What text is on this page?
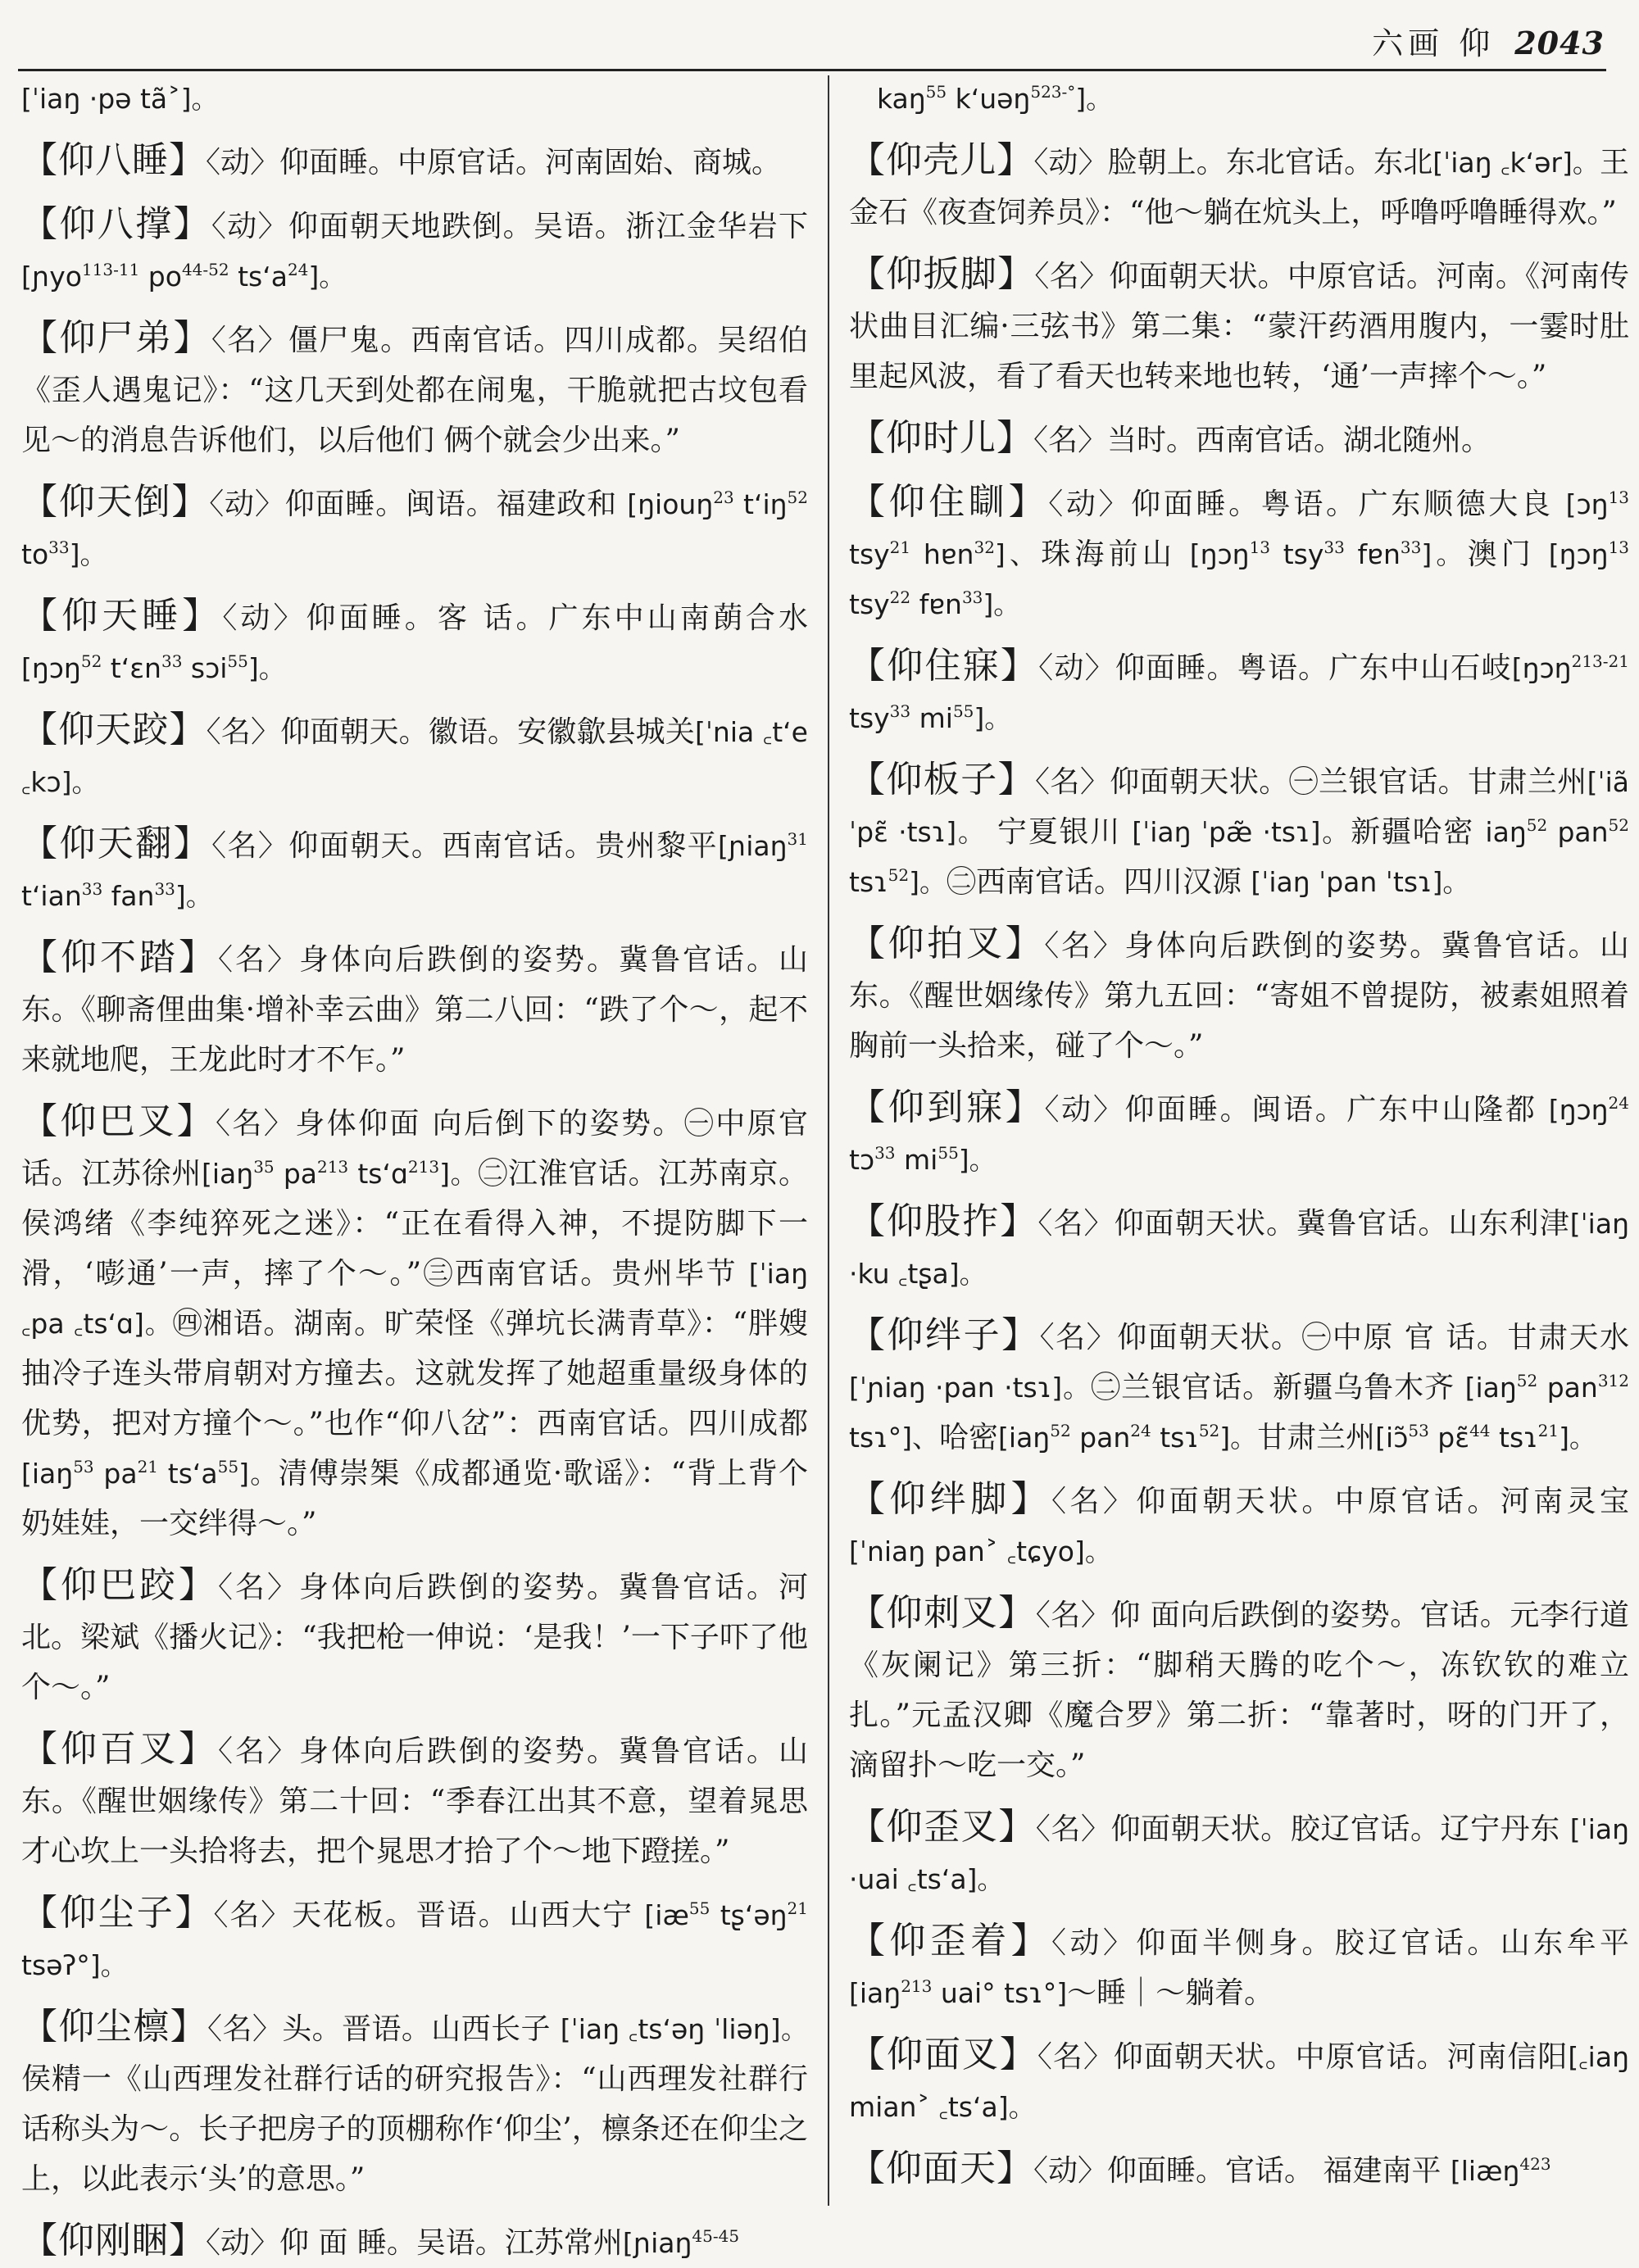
六画 仰 2043
[ˈiaŋ ·pə tã˃]。
【仰八睡】〈动〉仰面睡。中原官话。河南固始、商城。
【仰八撑】〈动〉仰面朝天地跌倒。吴语。浙江金华岩下[ɲyo$^{113-11}$ $po^{44-52}$ $ts‘a^{24}$]。
【仰尸弟】〈名〉僵尸鬼。西南官话。四川成都。吴绍伯《歪人遇鬼记》：“这几天到处都在闹鬼，干脆就把古坟包看见～的消息告诉他们，以后他们 俩个就会少出来。”
【仰天倒】〈动〉仰面睡。闽语。福建政和 [ŋiouŋ$^{23}$ $t‘iŋ^{52}$ $to^{33}$]。
【仰天睡】〈动〉仰面睡。客 话。广东中山南蓢合水 [ŋɔŋ$^{52}$ t‘ɛn$^{33}$ sɔi$^{55}$]。
【仰天跤】〈名〉仰面朝天。徽语。安徽歙县城关[ˈnia ꜀t‘e ꜀kɔ]。
【仰天翻】〈名〉仰面朝天。西南官话。贵州黎平[ɲiaŋ$^{31}$ t‘ian$^{33}$ fan$^{33}$]。
【仰不踏】〈名〉身体向后跌倒的姿势。冀鲁官话。山东。《聊斋俚曲集·增补幸云曲》第二八回：“跌了个～，起不来就地爬，王龙此时才不乍。”
【仰巴叉】〈名〉身体仰面 向后倒下的姿势。㊀中原官话。江苏徐州[iaŋ$^{35}$ $pa^{213}$ ts‘ɑ$^{213}$]。㊁江淮官话。江苏南京。侯鸿绪《李纯猝死之迷》：“正在看得入神，不提防脚下一滑，‘嘭通’一声，摔了个～。”㊂西南官话。贵州毕节 [ˈiaŋ ꜀pa ꜀ts‘ɑ]。㊃湘语。湖南。旷荣怪《弹坑长满青草》：“胖嫂抽冷子连头带肩朝对方撞去。这就发挥了她超重量级身体的优势，把对方撞个～。”也作“仰八岔”：西南官话。四川成都 [iaŋ$^{53}$ $pa^{21}$ $ts‘a^{55}$]。清傅崇榘《成都通览·歌谣》：“背上背个奶娃娃，一交绊得～。”
【仰巴跤】〈名〉身体向后跌倒的姿势。冀鲁官话。河北。梁斌《播火记》：“我把枪一伸说：‘是我！’一下子吓了他个～。”
【仰百叉】〈名〉身体向后跌倒的姿势。冀鲁官话。山东。《醒世姻缘传》第二十回：“季春江出其不意，望着晁思才心坎上一头拾将去，把个晁思才拾了个～地下蹬搓。”
【仰尘子】〈名〉天花板。晋语。山西大宁 [$iæ^{55}$ tʂ‘əŋ$^{21}$ tsəʔ°]。
【仰尘檩】〈名〉头。晋语。山西长子 [ˈiaŋ ꜀ts‘əŋ ˈliəŋ]。 侯精一《山西理发社群行话的研究报告》：“山西理发社群行话称头为～。长子把房子的顶棚称作‘仰尘’，檩条还在仰尘之上，以此表示‘头’的意思。”
【仰刚睏】〈动〉仰 面 睡。吴语。江苏常州[ɲiaŋ$^{45-45}$
kaŋ$^{55}$ k‘uəŋ$^{523-^\circ}$]。
【仰壳儿】〈动〉脸朝上。东北官话。东北[ˈiaŋ ꜀k‘ər]。王金石《夜查饲养员》：“他～躺在炕头上，呼噜呼噜睡得欢。”
【仰扳脚】〈名〉仰面朝天状。中原官话。河南。《河南传状曲目汇编·三弦书》第二集：“蒙汗药酒用腹内，一霎时肚里起风波，看了看天也转来地也转，‘通’一声摔个～。”
【仰时儿】〈名〉当时。西南官话。湖北随州。
【仰住瞓】〈动〉仰面睡。粤语。广东顺德大良 [ɔŋ$^{13}$ tsy$^{21}$ hɐn$^{32}$]、珠海前山 [ŋɔŋ$^{13}$ tsy$^{33}$ fɐn$^{33}$]。澳门 [ŋɔŋ$^{13}$ tsy$^{22}$ fɐn$^{33}$]。
【仰住寐】〈动〉仰面睡。粤语。广东中山石岐[ŋɔŋ$^{213-21}$ tsy$^{33}$ $mi^{55}$]。
【仰板子】〈名〉仰面朝天状。㊀兰银官话。甘肃兰州[ˈiã ˈpɛ̃ ·tsɿ]。 宁夏银川 [ˈiaŋ ˈpæ̃ ·tsɿ]。新疆哈密 iaŋ$^{52}$ pan$^{52}$ tsɿ$^{52}$]。㊁西南官话。四川汉源 [ˈiaŋ ˈpan ˈtsɿ]。
【仰拍叉】〈名〉身体向后跌倒的姿势。冀鲁官话。山东。《醒世姻缘传》第九五回：“寄姐不曾提防，被素姐照着胸前一头拾来，碰了个～。”
【仰到寐】〈动〉仰面睡。闽语。广东中山隆都 [ŋɔŋ$^{24}$ tɔ$^{33}$ $mi^{55}$]。
【仰股拃】〈名〉仰面朝天状。冀鲁官话。山东利津[ˈiaŋ ·ku ꜀tʂa]。
【仰绊子】〈名〉仰面朝天状。㊀中原 官 话。甘肃天水 [ˈɲiaŋ ·pan ·tsɿ]。㊁兰银官话。新疆乌鲁木齐 [iaŋ$^{52}$ pan$^{312}$ tsɿ°]、哈密[iaŋ$^{52}$ pan$^{24}$ tsɿ$^{52}$]。甘肃兰州[iɔ̃$^{53}$ pɛ̃$^{44}$ tsɿ$^{21}$]。
【仰绊脚】〈名〉仰面朝天状。中原官话。河南灵宝 [ˈniaŋ pan˃ ꜀tɕyo]。
【仰刺叉】〈名〉仰 面向后跌倒的姿势。官话。元李行道《灰阑记》第三折：“脚稍天腾的吃个～，冻钦钦的难立扎。”元孟汉卿《魔合罗》第二折：“靠著时，呀的门开了，滴留扑～吃一交。”
【仰歪叉】〈名〉仰面朝天状。胶辽官话。辽宁丹东 [ˈiaŋ ·uai ꜀ts‘a]。
【仰歪着】〈动〉仰面半侧身。胶辽官话。山东牟平 [iaŋ$^{213}$ uai° tsɿ°]～睡｜～躺着。
【仰面叉】〈名〉仰面朝天状。中原官话。河南信阳[꜀iaŋ mian˃ ꜀ts‘a]。
【仰面天】〈动〉仰面睡。官话。 福建南平 [liæŋ$^{423}$
